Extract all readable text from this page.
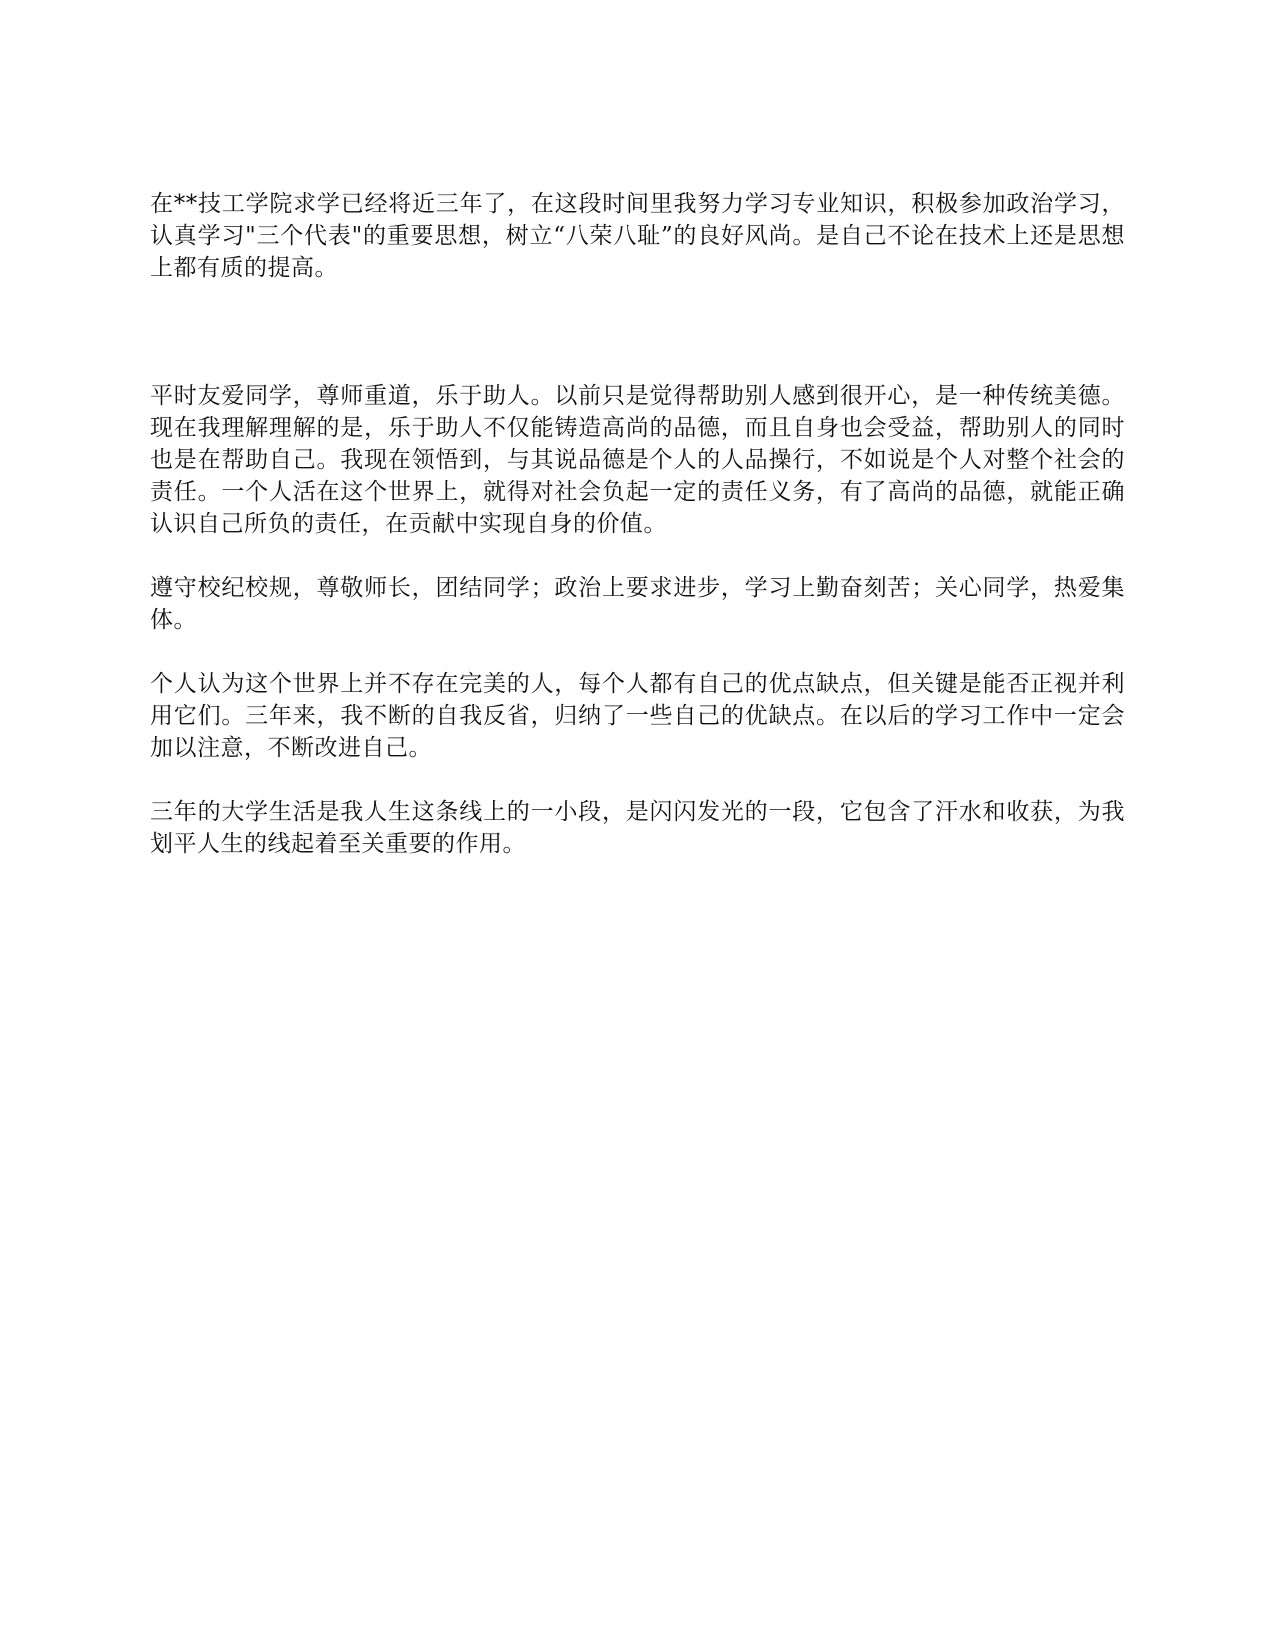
在**技工学院求学已经将近三年了，在这段时间里我努力学习专业知识，积极参加政治学习，认真学习"三个代表"的重要思想，树立“八荣八耻”的良好风尚。是自己不论在技术上还是思想上都有质的提高。

平时友爱同学，尊师重道，乐于助人。以前只是觉得帮助别人感到很开心，是一种传统美德。现在我理解理解的是，乐于助人不仅能铸造高尚的品德，而且自身也会受益，帮助别人的同时也是在帮助自己。我现在领悟到，与其说品德是个人的人品操行，不如说是个人对整个社会的责任。一个人活在这个世界上，就得对社会负起一定的责任义务，有了高尚的品德，就能正确认识自己所负的责任，在贡献中实现自身的价值。

遵守校纪校规，尊敬师长，团结同学；政治上要求进步，学习上勤奋刻苦；关心同学，热爱集体。

个人认为这个世界上并不存在完美的人，每个人都有自己的优点缺点，但关键是能否正视并利用它们。三年来，我不断的自我反省，归纳了一些自己的优缺点。在以后的学习工作中一定会加以注意，不断改进自己。

三年的大学生活是我人生这条线上的一小段，是闪闪发光的一段，它包含了汗水和收获，为我划平人生的线起着至关重要的作用。
